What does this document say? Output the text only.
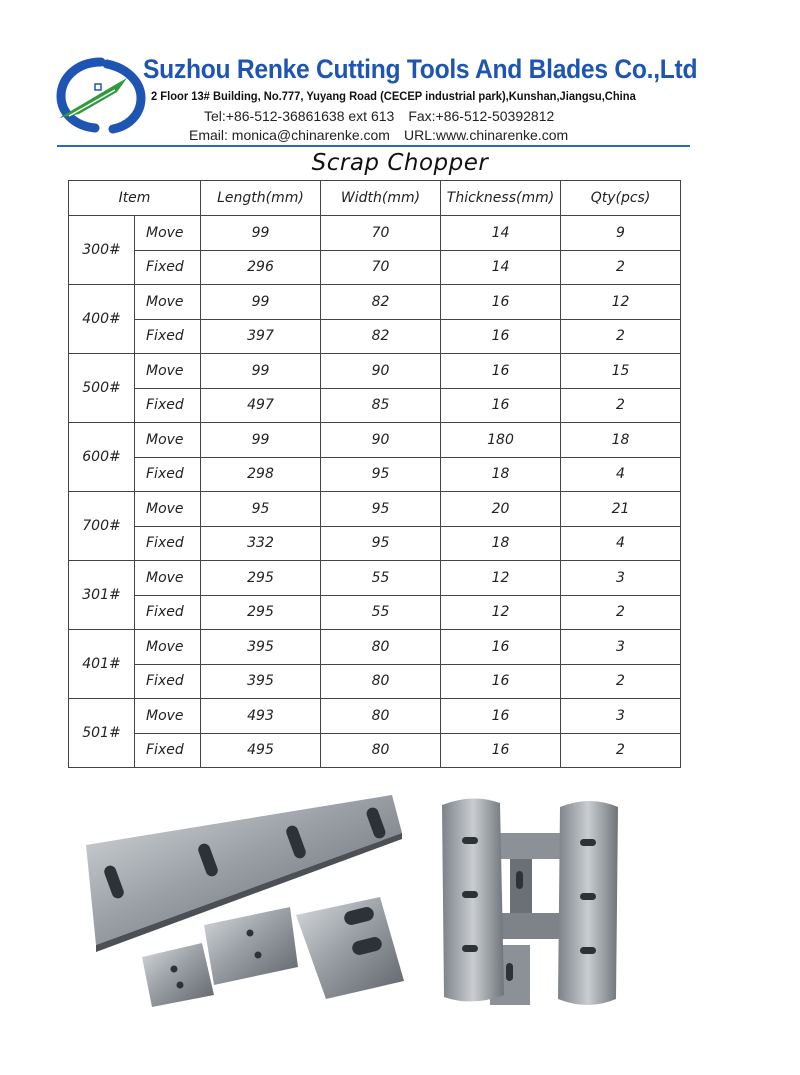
Suzhou Renke Cutting Tools And Blades Co.,Ltd
2 Floor 13# Building, No.777, Yuyang Road (CECEP industrial park),Kunshan,Jiangsu,China
Tel:+86-512-36861638 ext 613 Fax:+86-512-50392812
Email: monica@chinarenke.com URL:www.chinarenke.com
Scrap Chopper
Item		Length(mm)	Width(mm)	Thickness(mm)	Qty(pcs)
300#	Move	99	70	14	9
	Fixed	296	70	14	2
400#	Move	99	82	16	12
	Fixed	397	82	16	2
500#	Move	99	90	16	15
	Fixed	497	85	16	2
600#	Move	99	90	180	18
	Fixed	298	95	18	4
700#	Move	95	95	20	21
	Fixed	332	95	18	4
301#	Move	295	55	12	3
	Fixed	295	55	12	2
401#	Move	395	80	16	3
	Fixed	395	80	16	2
501#	Move	493	80	16	3
	Fixed	495	80	16	2
